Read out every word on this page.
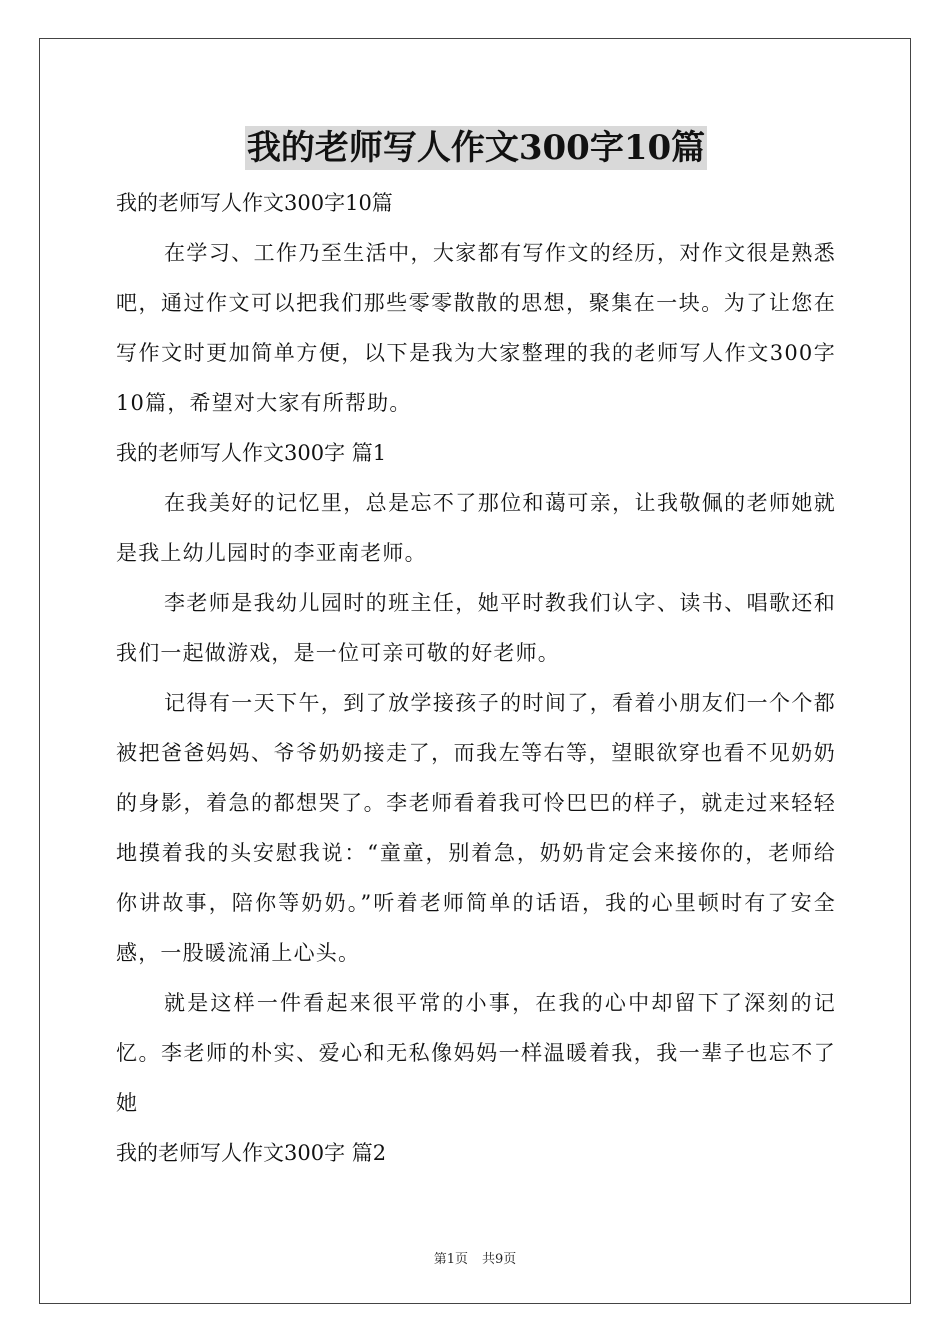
我的老师写人作文300字10篇

我的老师写人作文300字10篇

在学习、工作乃至生活中，大家都有写作文的经历，对作文很是熟悉吧，通过作文可以把我们那些零零散散的思想，聚集在一块。为了让您在写作文时更加简单方便，以下是我为大家整理的我的老师写人作文300字10篇，希望对大家有所帮助。

我的老师写人作文300字 篇1

在我美好的记忆里，总是忘不了那位和蔼可亲，让我敬佩的老师她就是我上幼儿园时的李亚南老师。

李老师是我幼儿园时的班主任，她平时教我们认字、读书、唱歌还和我们一起做游戏，是一位可亲可敬的好老师。

记得有一天下午，到了放学接孩子的时间了，看着小朋友们一个个都被把爸爸妈妈、爷爷奶奶接走了，而我左等右等，望眼欲穿也看不见奶奶的身影，着急的都想哭了。李老师看着我可怜巴巴的样子，就走过来轻轻地摸着我的头安慰我说：“童童，别着急，奶奶肯定会来接你的，老师给你讲故事，陪你等奶奶。”听着老师简单的话语，我的心里顿时有了安全感，一股暖流涌上心头。

就是这样一件看起来很平常的小事，在我的心中却留下了深刻的记忆。李老师的朴实、爱心和无私像妈妈一样温暖着我，我一辈子也忘不了她

我的老师写人作文300字 篇2

第1页 共9页
